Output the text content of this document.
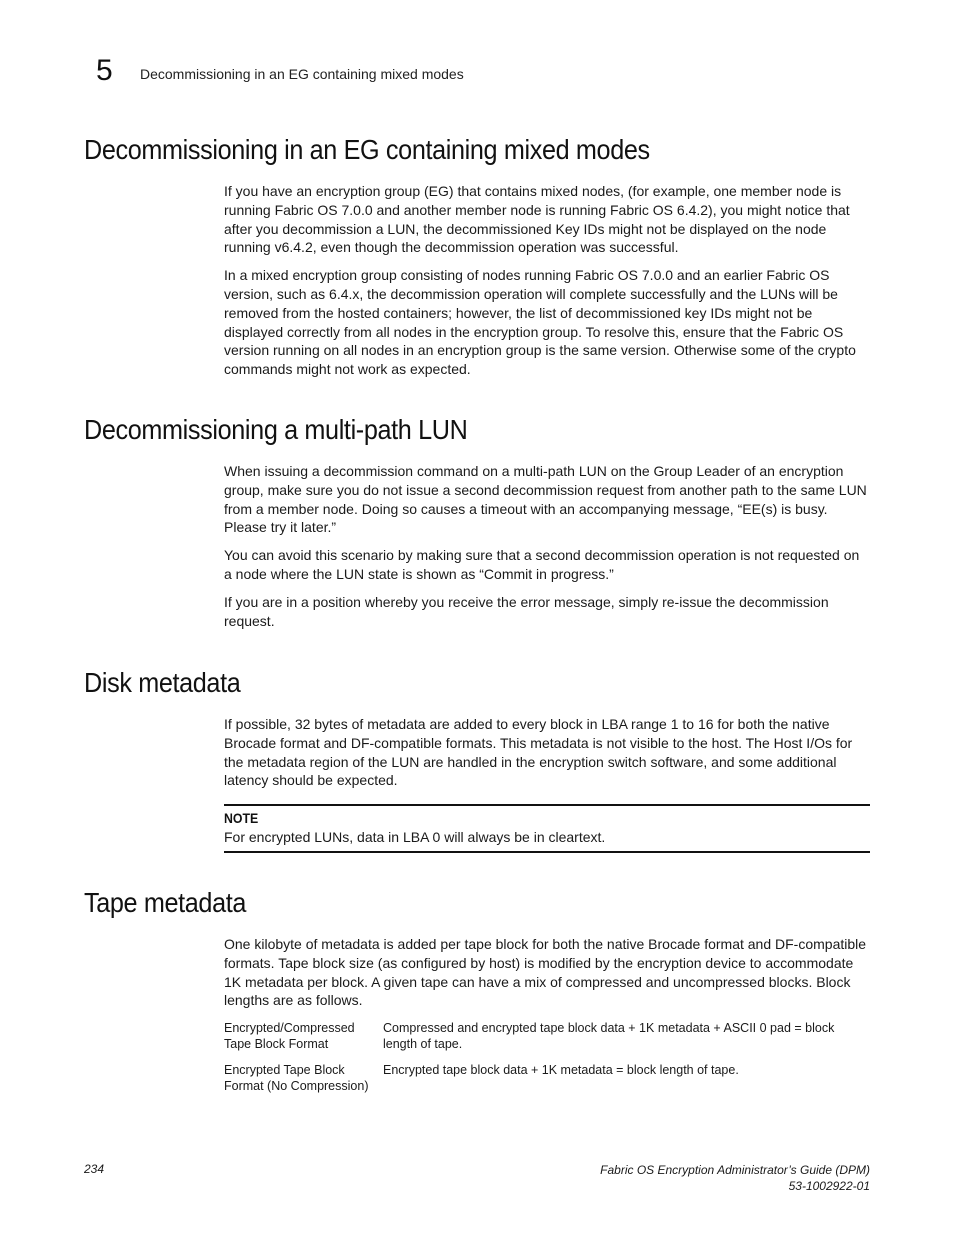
5 Decommissioning in an EG containing mixed modes
Decommissioning in an EG containing mixed modes

If you have an encryption group (EG) that contains mixed nodes, (for example, one member node is running Fabric OS 7.0.0 and another member node is running Fabric OS 6.4.2), you might notice that after you decommission a LUN, the decommissioned Key IDs might not be displayed on the node running v6.4.2, even though the decommission operation was successful.

In a mixed encryption group consisting of nodes running Fabric OS 7.0.0 and an earlier Fabric OS version, such as 6.4.x, the decommission operation will complete successfully and the LUNs will be removed from the hosted containers; however, the list of decommissioned key IDs might not be displayed correctly from all nodes in the encryption group. To resolve this, ensure that the Fabric OS version running on all nodes in an encryption group is the same version. Otherwise some of the crypto commands might not work as expected.

Decommissioning a multi-path LUN

When issuing a decommission command on a multi-path LUN on the Group Leader of an encryption group, make sure you do not issue a second decommission request from another path to the same LUN from a member node. Doing so causes a timeout with an accompanying message, “EE(s) is busy. Please try it later.”

You can avoid this scenario by making sure that a second decommission operation is not requested on a node where the LUN state is shown as “Commit in progress.”

If you are in a position whereby you receive the error message, simply re-issue the decommission request.

Disk metadata

If possible, 32 bytes of metadata are added to every block in LBA range 1 to 16 for both the native Brocade format and DF-compatible formats. This metadata is not visible to the host. The Host I/Os for the metadata region of the LUN are handled in the encryption switch software, and some additional latency should be expected.

NOTE
For encrypted LUNs, data in LBA 0 will always be in cleartext.
Tape metadata

One kilobyte of metadata is added per tape block for both the native Brocade format and DF-compatible formats. Tape block size (as configured by host) is modified by the encryption device to accommodate 1K metadata per block. A given tape can have a mix of compressed and uncompressed blocks. Block lengths are as follows.

Encrypted/Compressed Tape Block Format	Compressed and encrypted tape block data + 1K metadata + ASCII 0 pad = block length of tape.
Encrypted Tape Block Format (No Compression)	Encrypted tape block data + 1K metadata = block length of tape.
234	Fabric OS Encryption Administrator’s Guide (DPM)
53-1002922-01
